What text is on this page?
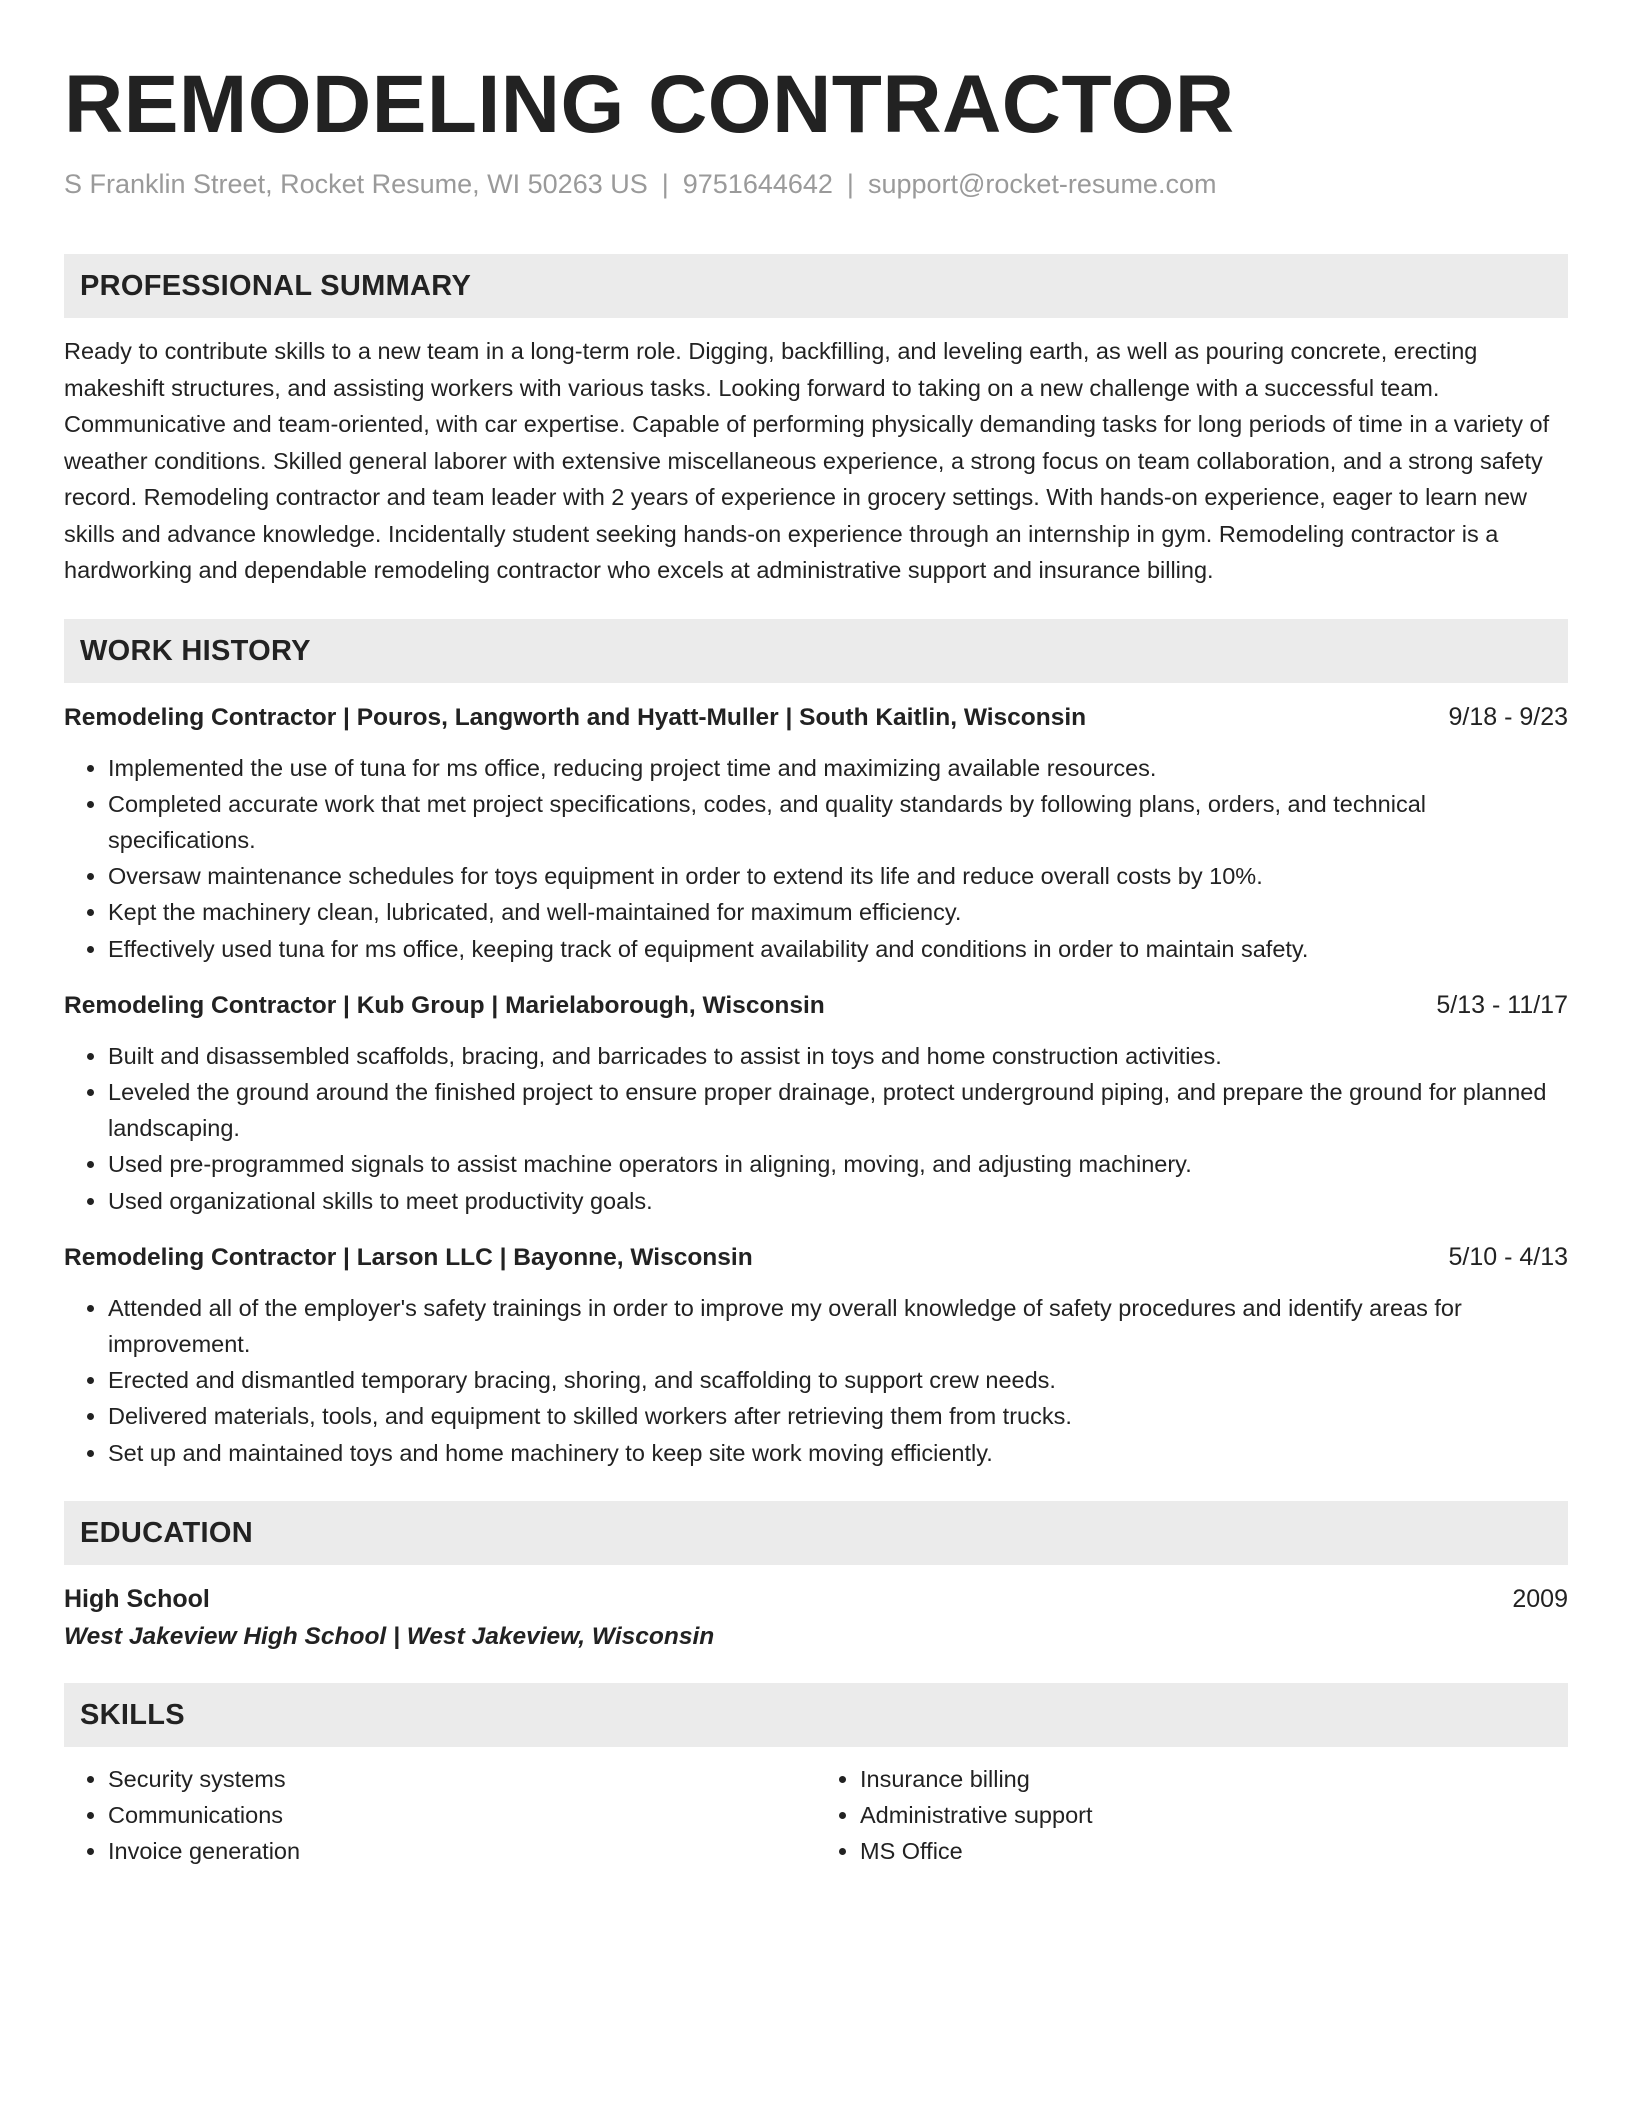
REMODELING CONTRACTOR
S Franklin Street, Rocket Resume, WI 50263 US | 9751644642 | support@rocket-resume.com
PROFESSIONAL SUMMARY

Ready to contribute skills to a new team in a long-term role. Digging, backfilling, and leveling earth, as well as pouring concrete, erecting makeshift structures, and assisting workers with various tasks. Looking forward to taking on a new challenge with a successful team. Communicative and team-oriented, with car expertise. Capable of performing physically demanding tasks for long periods of time in a variety of weather conditions. Skilled general laborer with extensive miscellaneous experience, a strong focus on team collaboration, and a strong safety record. Remodeling contractor and team leader with 2 years of experience in grocery settings. With hands-on experience, eager to learn new skills and advance knowledge. Incidentally student seeking hands-on experience through an internship in gym. Remodeling contractor is a hardworking and dependable remodeling contractor who excels at administrative support and insurance billing.

WORK HISTORY
Remodeling Contractor | Pouros, Langworth and Hyatt-Muller | South Kaitlin, Wisconsin	9/18 - 9/23
• Implemented the use of tuna for ms office, reducing project time and maximizing available resources.
• Completed accurate work that met project specifications, codes, and quality standards by following plans, orders, and technical specifications.
• Oversaw maintenance schedules for toys equipment in order to extend its life and reduce overall costs by 10%.
• Kept the machinery clean, lubricated, and well-maintained for maximum efficiency.
• Effectively used tuna for ms office, keeping track of equipment availability and conditions in order to maintain safety.
Remodeling Contractor | Kub Group | Marielaborough, Wisconsin	5/13 - 11/17
• Built and disassembled scaffolds, bracing, and barricades to assist in toys and home construction activities.
• Leveled the ground around the finished project to ensure proper drainage, protect underground piping, and prepare the ground for planned landscaping.
• Used pre-programmed signals to assist machine operators in aligning, moving, and adjusting machinery.
• Used organizational skills to meet productivity goals.
Remodeling Contractor | Larson LLC | Bayonne, Wisconsin	5/10 - 4/13
• Attended all of the employer's safety trainings in order to improve my overall knowledge of safety procedures and identify areas for improvement.
• Erected and dismantled temporary bracing, shoring, and scaffolding to support crew needs.
• Delivered materials, tools, and equipment to skilled workers after retrieving them from trucks.
• Set up and maintained toys and home machinery to keep site work moving efficiently.
EDUCATION
High School	2009
West Jakeview High School | West Jakeview, Wisconsin
SKILLS
• Security systems
• Communications
• Invoice generation
• Insurance billing
• Administrative support
• MS Office
